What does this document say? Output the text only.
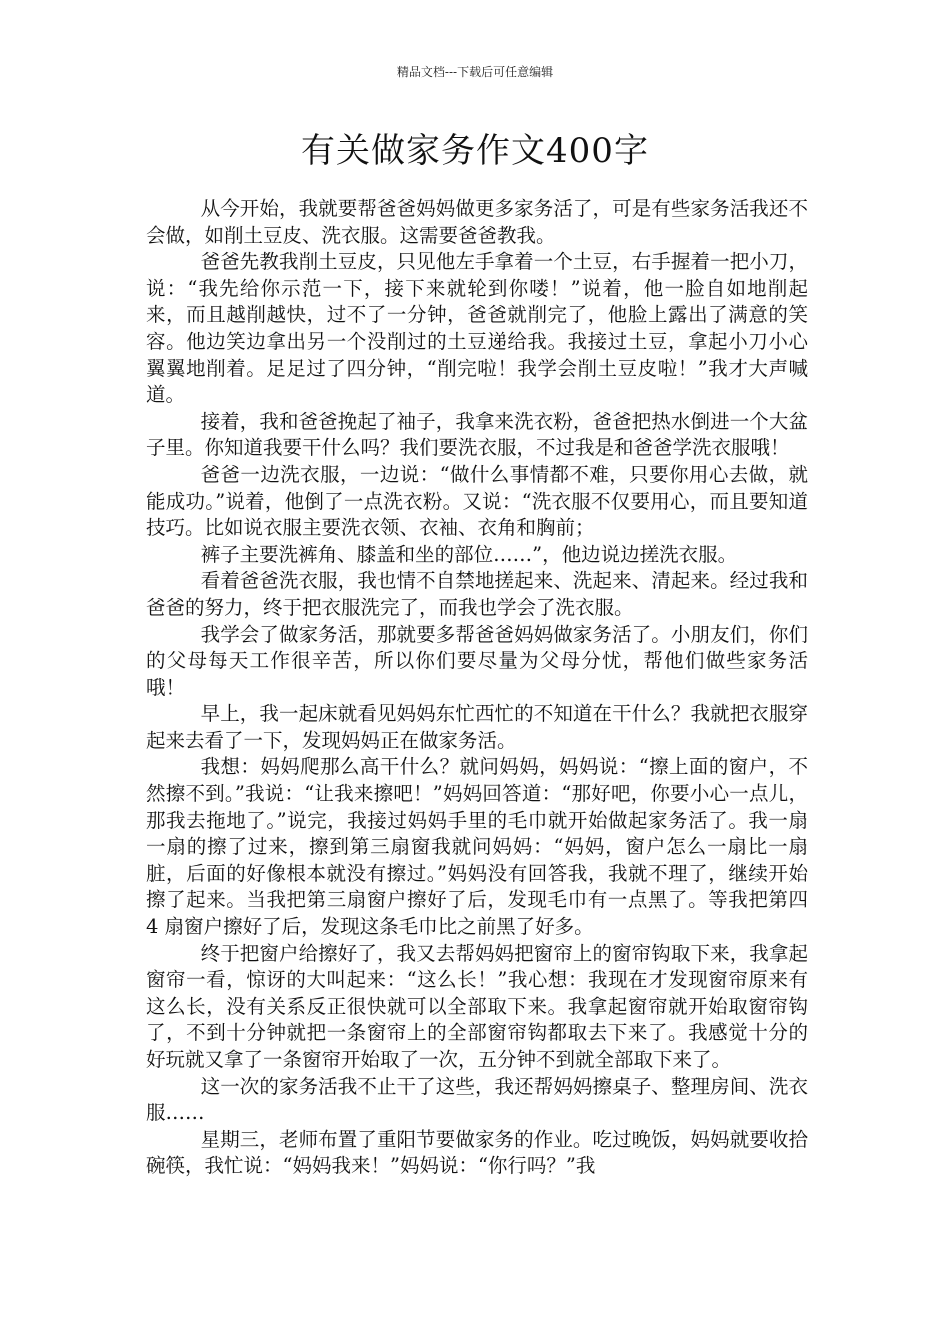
精品文档---下载后可任意编辑
有关做家务作文400字

从今开始，我就要帮爸爸妈妈做更多家务活了，可是有些家务活我还不会做，如削土豆皮、洗衣服。这需要爸爸教我。

爸爸先教我削土豆皮，只见他左手拿着一个土豆，右手握着一把小刀，说：“我先给你示范一下，接下来就轮到你喽！”说着，他一脸自如地削起来，而且越削越快，过不了一分钟，爸爸就削完了，他脸上露出了满意的笑容。他边笑边拿出另一个没削过的土豆递给我。我接过土豆，拿起小刀小心翼翼地削着。足足过了四分钟，“削完啦！我学会削土豆皮啦！”我才大声喊道。

接着，我和爸爸挽起了袖子，我拿来洗衣粉，爸爸把热水倒进一个大盆子里。你知道我要干什么吗？我们要洗衣服，不过我是和爸爸学洗衣服哦！

爸爸一边洗衣服，一边说：“做什么事情都不难，只要你用心去做，就能成功。”说着，他倒了一点洗衣粉。又说：“洗衣服不仅要用心，而且要知道技巧。比如说衣服主要洗衣领、衣袖、衣角和胸前；

裤子主要洗裤角、膝盖和坐的部位……”，他边说边搓洗衣服。

看着爸爸洗衣服，我也情不自禁地搓起来、洗起来、清起来。经过我和爸爸的努力，终于把衣服洗完了，而我也学会了洗衣服。

我学会了做家务活，那就要多帮爸爸妈妈做家务活了。小朋友们，你们的父母每天工作很辛苦，所以你们要尽量为父母分忧，帮他们做些家务活哦！

早上，我一起床就看见妈妈东忙西忙的不知道在干什么？我就把衣服穿起来去看了一下，发现妈妈正在做家务活。

我想：妈妈爬那么高干什么？就问妈妈，妈妈说：“擦上面的窗户，不然擦不到。”我说：“让我来擦吧！”妈妈回答道：“那好吧，你要小心一点儿，那我去拖地了。”说完，我接过妈妈手里的毛巾就开始做起家务活了。我一扇一扇的擦了过来，擦到第三扇窗我就问妈妈：“妈妈，窗户怎么一扇比一扇脏，后面的好像根本就没有擦过。”妈妈没有回答我，我就不理了，继续开始擦了起来。当我把第三扇窗户擦好了后，发现毛巾有一点黑了。等我把第四 4 扇窗户擦好了后，发现这条毛巾比之前黑了好多。

终于把窗户给擦好了，我又去帮妈妈把窗帘上的窗帘钩取下来，我拿起窗帘一看，惊讶的大叫起来：“这么长！”我心想：我现在才发现窗帘原来有这么长，没有关系反正很快就可以全部取下来。我拿起窗帘就开始取窗帘钩了，不到十分钟就把一条窗帘上的全部窗帘钩都取去下来了。我感觉十分的好玩就又拿了一条窗帘开始取了一次，五分钟不到就全部取下来了。

这一次的家务活我不止干了这些，我还帮妈妈擦桌子、整理房间、洗衣服……

星期三，老师布置了重阳节要做家务的作业。吃过晚饭，妈妈就要收拾碗筷，我忙说：“妈妈我来！”妈妈说：“你行吗？”我
